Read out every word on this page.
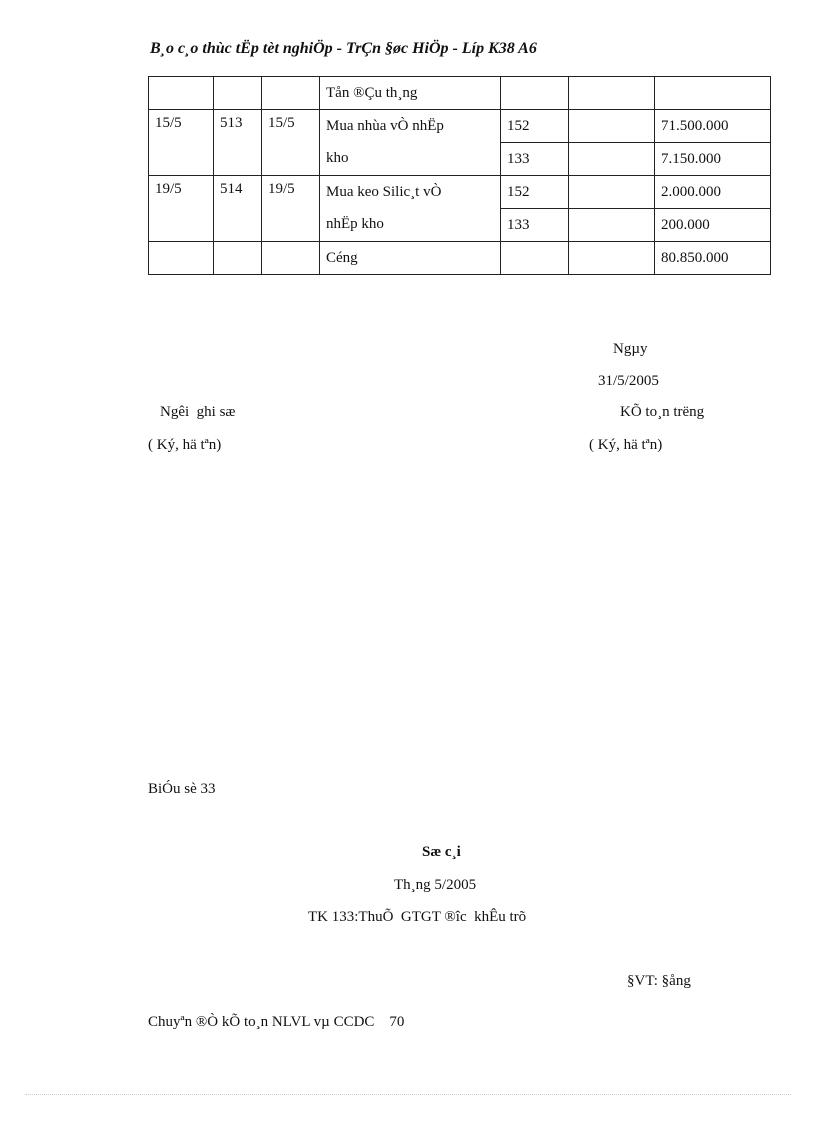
B¸o c¸o thùc tËp tèt nghiÖp - TrÇn §øc HiÖp - Líp K38 A6
			Tån ®Çu th¸ng			
15/5	513	15/5	Mua nhùa vÒ nhËp	152		71.500.000
			kho	133		7.150.000
19/5	514	19/5	Mua keo Silic¸t vÒ	152		2.000.000
			nhËp kho	133		200.000
			Céng			80.850.000
Ngµy
31/5/2005
Ngêi  ghi sæ	KÕ to¸n trëng
( Ký, hä tªn)	( Ký, hä tªn)
BiÓu sè 33
Sæ c¸i
Th¸ng 5/2005
TK 133:ThuÕ  GTGT ®îc  khÊu trõ
§VT: §ång
Chuyªn ®Ò kÕ to¸n NLVL vµ CCDC    70
